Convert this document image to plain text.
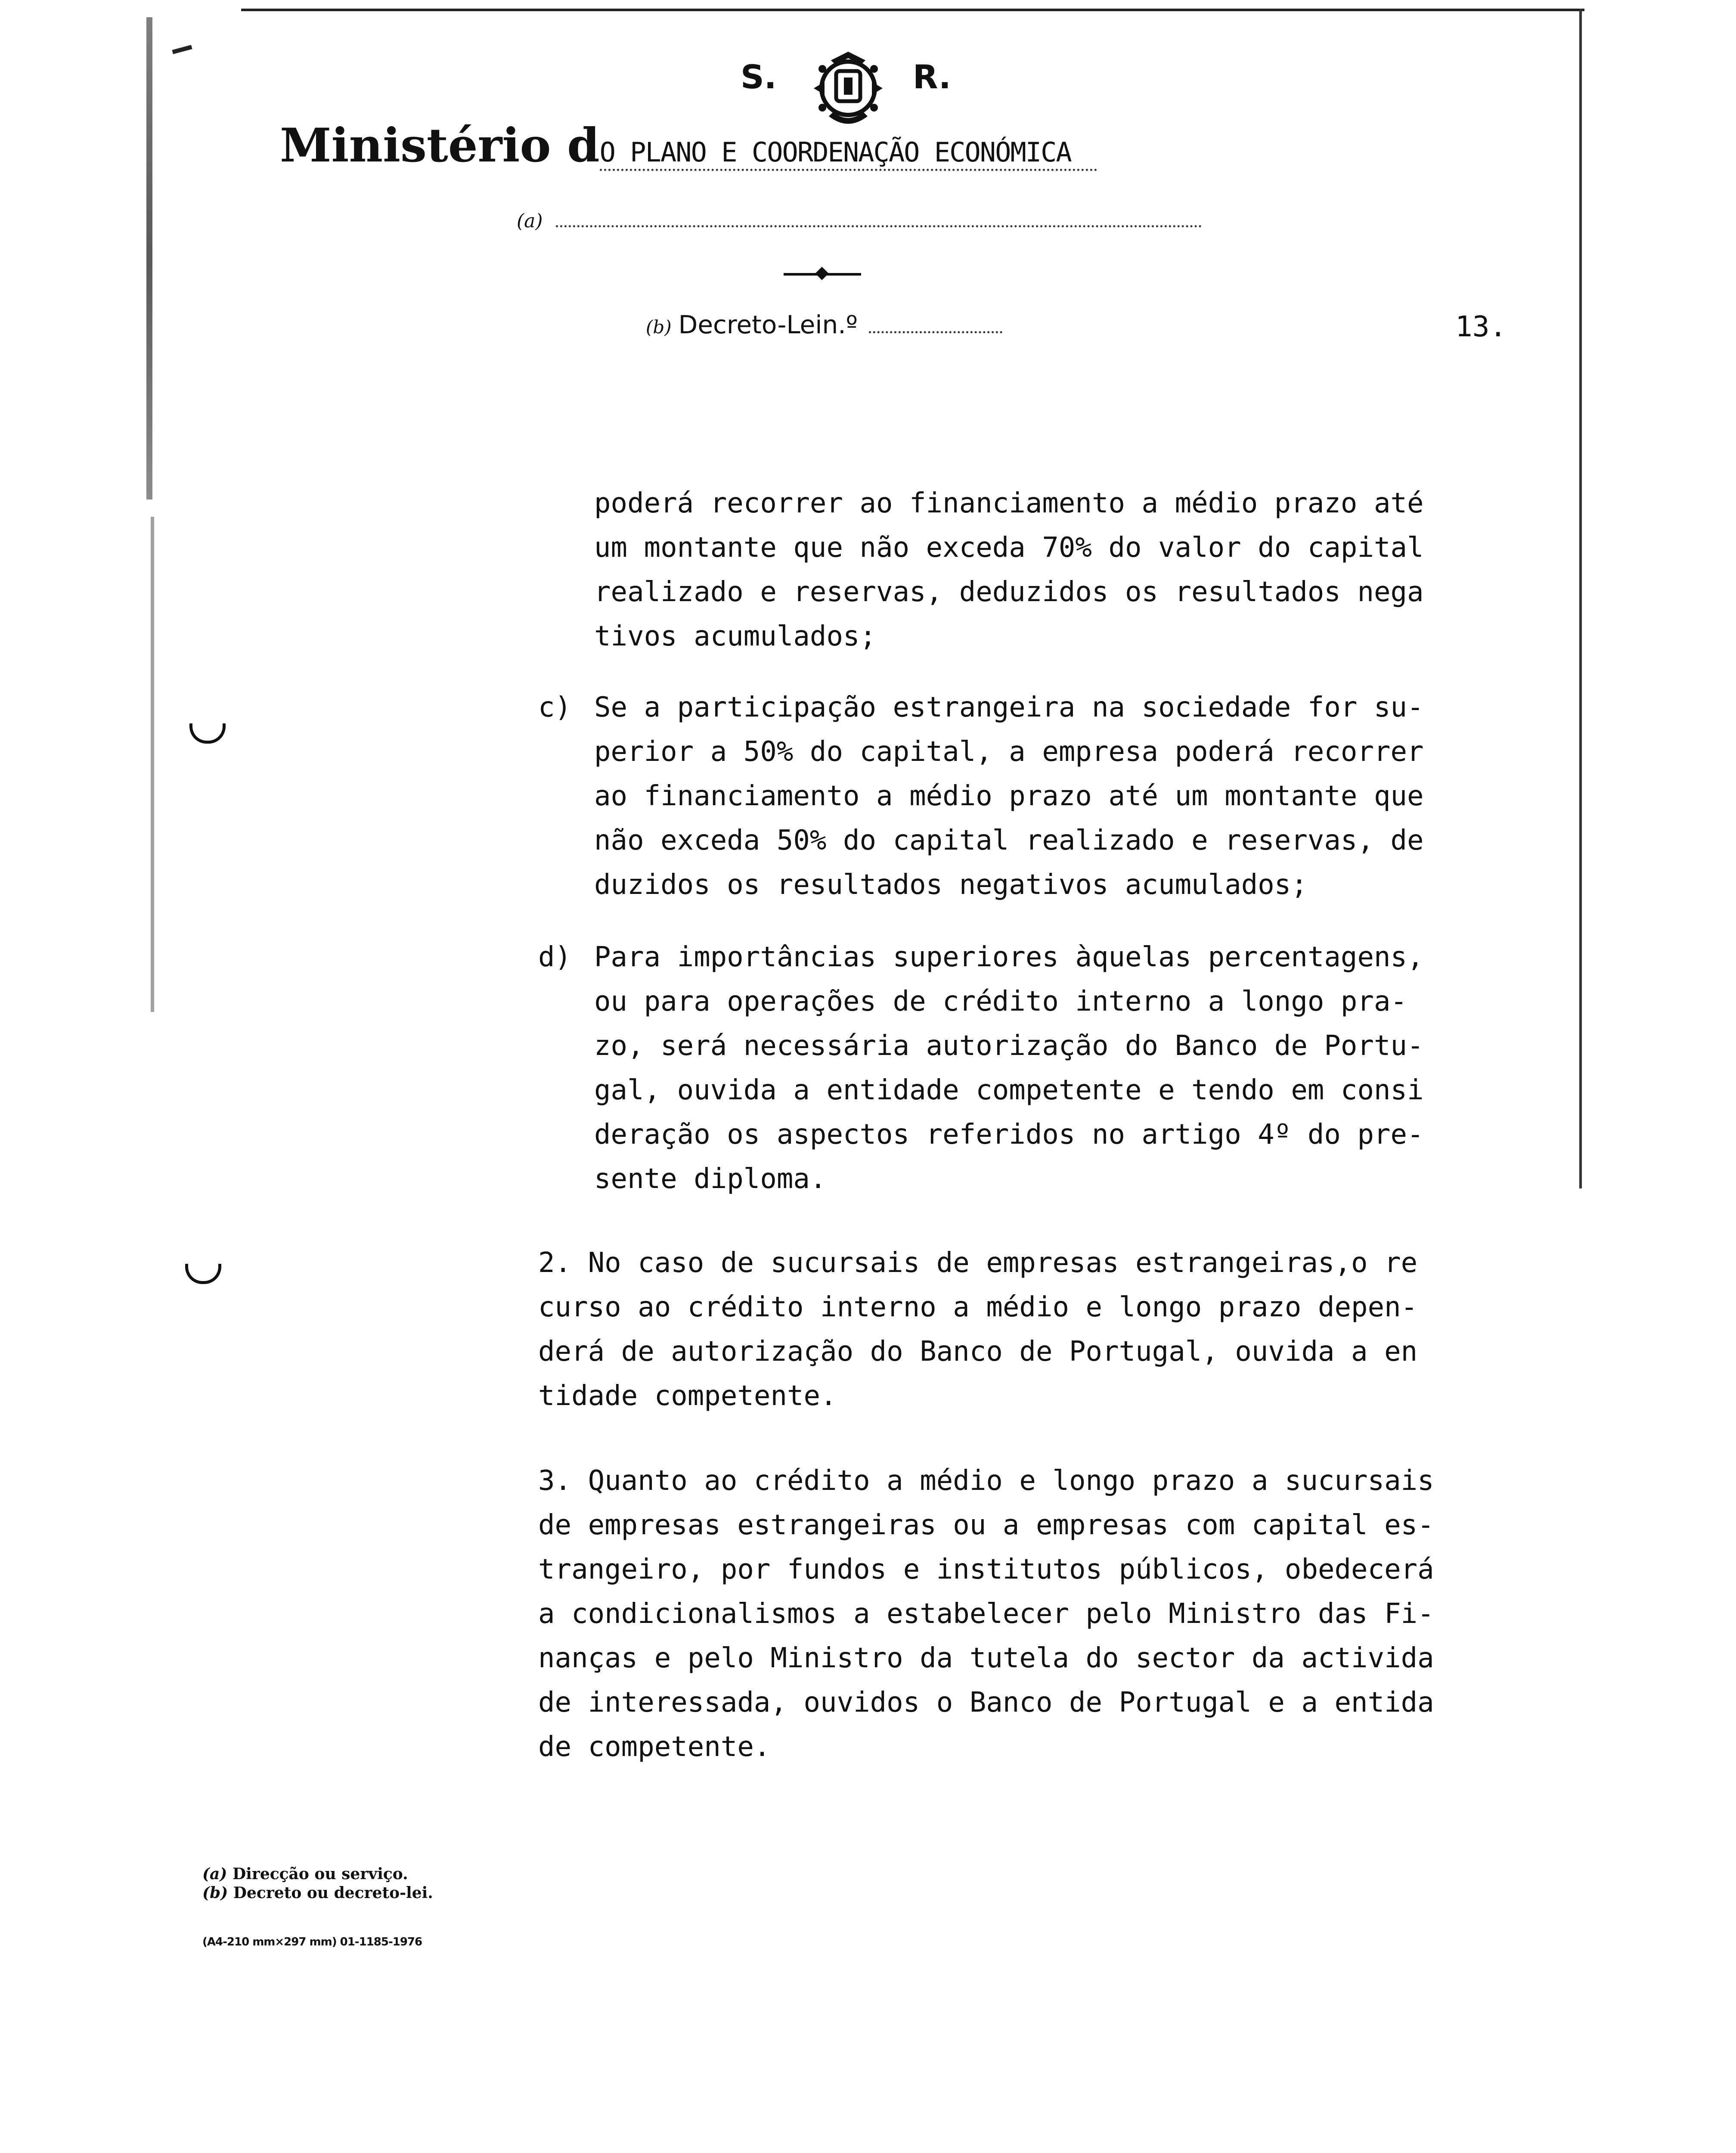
S.	R.
Ministério dO PLANO E COORDENAÇÃO ECONÓMICA
(a)
(b) Decreto-Lein.º	13.
poderá recorrer ao financiamento a médio prazo até
um montante que não exceda 70% do valor do capital
realizado e reservas, deduzidos os resultados nega
tivos acumulados;
c) Se a participação estrangeira na sociedade for su-
perior a 50% do capital, a empresa poderá recorrer
ao financiamento a médio prazo até um montante que
não exceda 50% do capital realizado e reservas, de
duzidos os resultados negativos acumulados;
d) Para importâncias superiores àquelas percentagens,
ou para operações de crédito interno a longo pra-
zo, será necessária autorização do Banco de Portu-
gal, ouvida a entidade competente e tendo em consi
deração os aspectos referidos no artigo 4º do pre-
sente diploma.
2. No caso de sucursais de empresas estrangeiras,o re
curso ao crédito interno a médio e longo prazo depen-
derá de autorização do Banco de Portugal, ouvida a en
tidade competente.
3. Quanto ao crédito a médio e longo prazo a sucursais
de empresas estrangeiras ou a empresas com capital es-
trangeiro, por fundos e institutos públicos, obedecerá
a condicionalismos a estabelecer pelo Ministro das Fi-
nanças e pelo Ministro da tutela do sector da activida
de interessada, ouvidos o Banco de Portugal e a entida
de competente.
(a) Direcção ou serviço.
(b) Decreto ou decreto-lei.
(A4-210 mm×297 mm) 01-1185-1976
